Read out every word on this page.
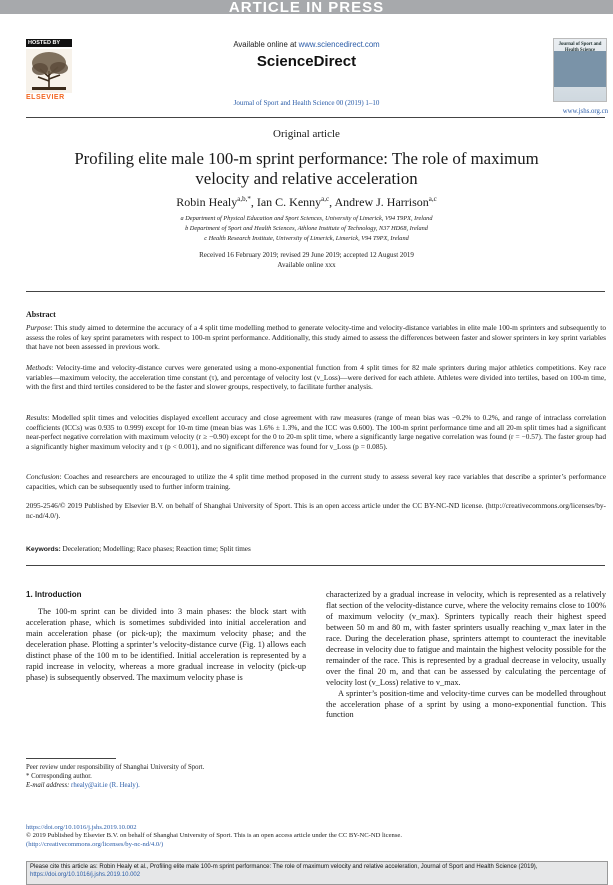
ARTICLE IN PRESS
HOSTED BY
ELSEVIER
Available online at www.sciencedirect.com
ScienceDirect
Journal of Sport and Health Science 00 (2019) 1–10
Journal of Sport and
www.jshs.org.cn
Original article
Profiling elite male 100-m sprint performance: The role of maximum
velocity and relative acceleration
Robin Healy$^{a,b,*}$, Ian C. Kenny$^{a,c}$, Andrew J. Harrison$^{a,c}$
a Department of Physical Education and Sport Sciences, University of Limerick, V94 T9PX, Ireland
b Department of Sport and Health Sciences, Athlone Institute of Technology, N37 HD68, Ireland
c Health Research Institute, University of Limerick, Limerick, V94 T9PX, Ireland
Received 16 February 2019; revised 29 June 2019; accepted 12 August 2019
Available online xxx
Abstract
Purpose: This study aimed to determine the accuracy of a 4 split time modelling method to generate velocity-time and velocity-distance variables in elite male 100-m sprinters and subsequently to assess the roles of key sprint parameters with respect to 100-m sprint performance. Additionally, this study aimed to assess the differences between faster and slower sprinters in key sprint variables that have not been assessed in previous work.
Methods: Velocity-time and velocity-distance curves were generated using a mono-exponential function from 4 split times for 82 male sprinters during major athletics competitions. Key race variables—maximum velocity, the acceleration time constant (τ), and percentage of velocity lost (v_Loss)—were derived for each athlete. Athletes were divided into tertiles, based on 100-m time, with the first and third tertiles considered to be the faster and slower groups, respectively, to facilitate further analysis.
Results: Modelled split times and velocities displayed excellent accuracy and close agreement with raw measures (range of mean bias was −0.2% to 0.2%, and range of intraclass correlation coefficients (ICCs) was 0.935 to 0.999) except for 10-m time (mean bias was 1.6% ± 1.3%, and the ICC was 0.600). The 100-m sprint performance time and all 20-m split times had a significant near-perfect negative correlation with maximum velocity (r ≥ −0.90) except for the 0 to 20-m split time, where a significantly large negative correlation was found (r = −0.57). The faster group had a significantly higher maximum velocity and τ (p < 0.001), and no significant difference was found for v_Loss (p = 0.085).
Conclusion: Coaches and researchers are encouraged to utilize the 4 split time method proposed in the current study to assess several key race variables that describe a sprinter’s performance capacities, which can be subsequently used to further inform training.
2095-2546/© 2019 Published by Elsevier B.V. on behalf of Shanghai University of Sport. This is an open access article under the CC BY-NC-ND license. (http://creativecommons.org/licenses/by-nc-nd/4.0/).
Keywords: Deceleration; Modelling; Race phases; Reaction time; Split times
1. Introduction
The 100-m sprint can be divided into 3 main phases: the block start with acceleration phase, which is sometimes subdivided into initial acceleration and main acceleration phase (or pick-up); the maximum velocity phase; and the deceleration phase. Plotting a sprinter’s velocity-distance curve (Fig. 1) allows each distinct phase of the 100 m to be identified. Initial acceleration is represented by a rapid increase in velocity, whereas a more gradual increase in velocity (pick-up phase) is subsequently observed. The maximum velocity phase is
characterized by a gradual increase in velocity, which is represented as a relatively flat section of the velocity-distance curve, where the velocity remains close to 100% of maximum velocity (v_max). Sprinters typically reach their highest speed between 50 m and 80 m, with faster sprinters usually reaching v_max later in the race. During the deceleration phase, sprinters attempt to counteract the inevitable decrease in velocity due to fatigue and maintain the highest velocity possible for the remainder of the race. This is represented by a gradual decrease in velocity, usually over the final 20 m, and that can be assessed by calculating the percentage of velocity lost (v_Loss) relative to v_max.
A sprinter’s position-time and velocity-time curves can be modelled throughout the acceleration phase of a sprint by using a mono-exponential function. This function
Peer review under responsibility of Shanghai University of Sport.
* Corresponding author.
E-mail address: rhealy@ait.ie (R. Healy).
https://doi.org/10.1016/j.jshs.2019.10.002
© 2019 Published by Elsevier B.V. on behalf of Shanghai University of Sport. This is an open access article under the CC BY-NC-ND license.
(http://creativecommons.org/licenses/by-nc-nd/4.0/)
Please cite this article as: Robin Healy et al., Profiling elite male 100-m sprint performance: The role of maximum velocity and relative acceleration, Journal of Sport and Health Science (2019), https://doi.org/10.1016/j.jshs.2019.10.002
